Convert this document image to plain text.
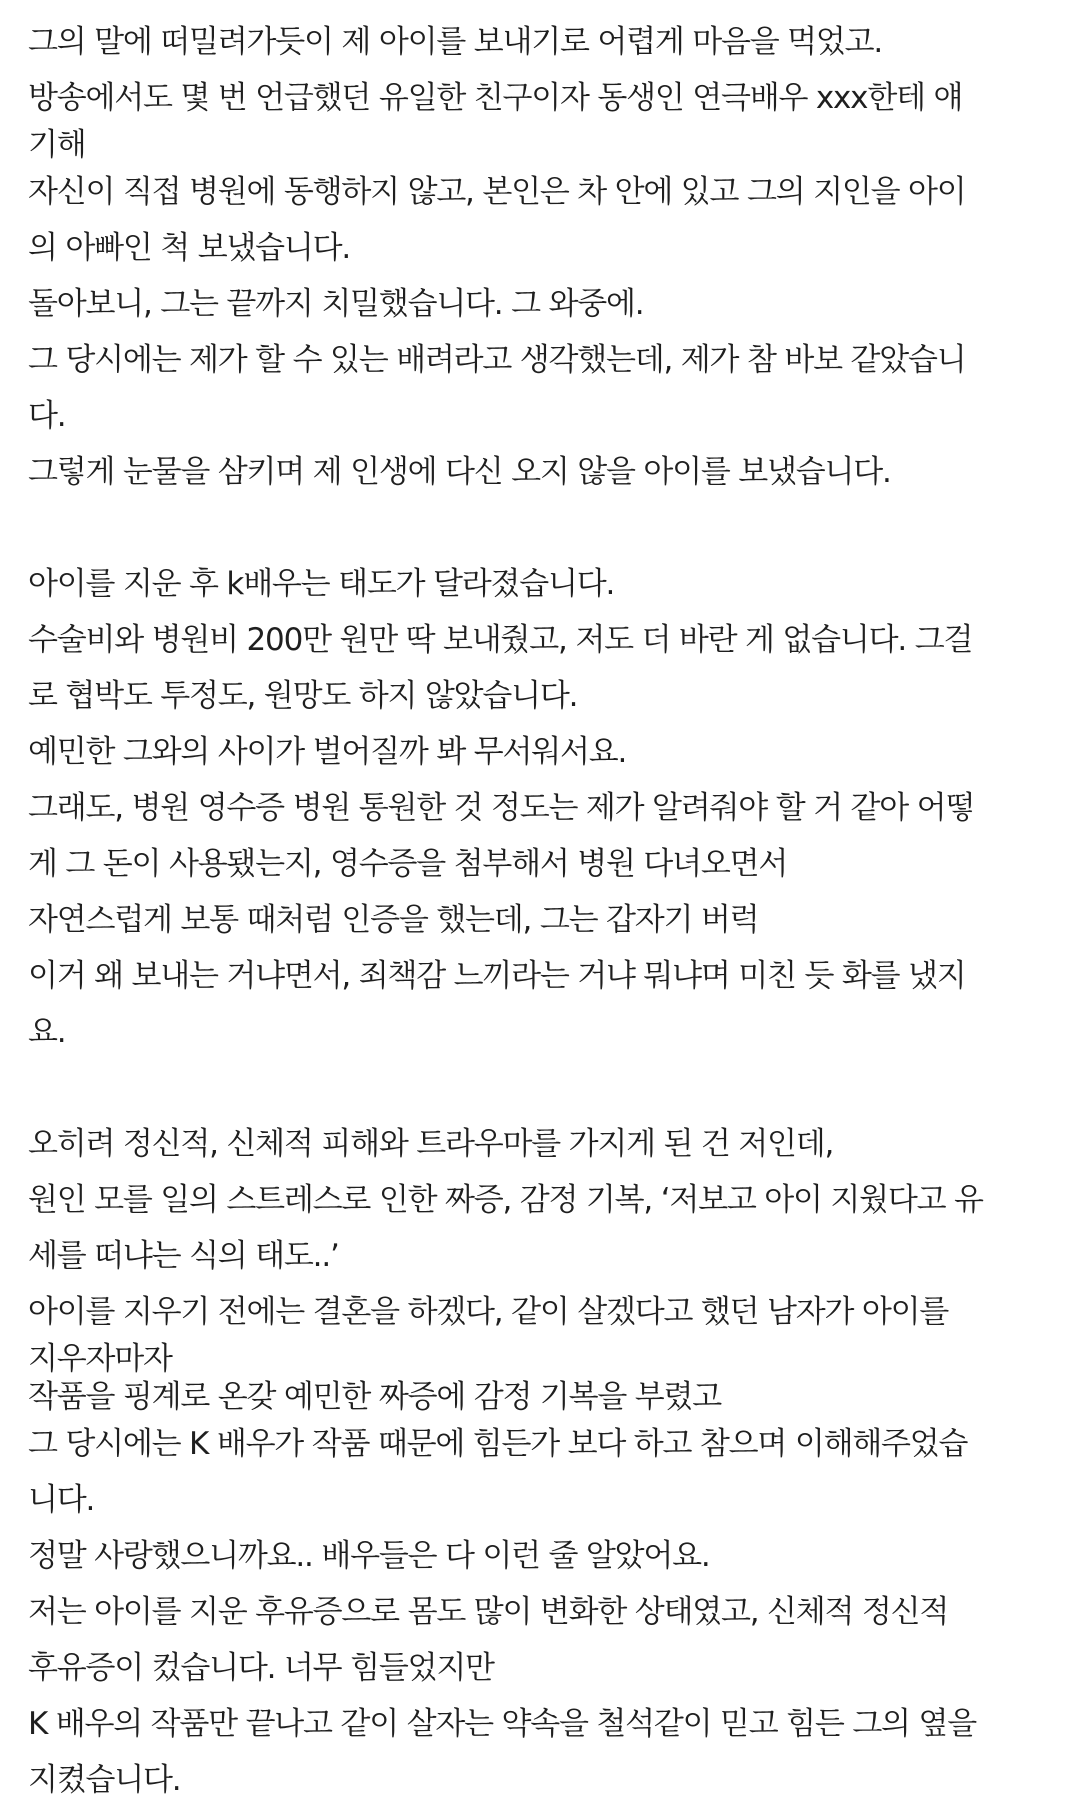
그의 말에 떠밀려가듯이 제 아이를 보내기로 어렵게 마음을 먹었고.
방송에서도 몇 번 언급했던 유일한 친구이자 동생인 연극배우 xxx한테 얘
기해
자신이 직접 병원에 동행하지 않고, 본인은 차 안에 있고 그의 지인을 아이
의 아빠인 척 보냈습니다.
돌아보니, 그는 끝까지 치밀했습니다. 그 와중에.
그 당시에는 제가 할 수 있는 배려라고 생각했는데, 제가 참 바보 같았습니
다.
그렇게 눈물을 삼키며 제 인생에 다신 오지 않을 아이를 보냈습니다.
아이를 지운 후 k배우는 태도가 달라졌습니다.
수술비와 병원비 200만 원만 딱 보내줬고, 저도 더 바란 게 없습니다. 그걸
로 협박도 투정도, 원망도 하지 않았습니다.
예민한 그와의 사이가 벌어질까 봐 무서워서요.
그래도, 병원 영수증 병원 통원한 것 정도는 제가 알려줘야 할 거 같아 어떻
게 그 돈이 사용됐는지, 영수증을 첨부해서 병원 다녀오면서
자연스럽게 보통 때처럼 인증을 했는데, 그는 갑자기 버럭
이거 왜 보내는 거냐면서, 죄책감 느끼라는 거냐 뭐냐며 미친 듯 화를 냈지
요.
오히려 정신적, 신체적 피해와 트라우마를 가지게 된 건 저인데,
원인 모를 일의 스트레스로 인한 짜증, 감정 기복, ‘저보고 아이 지웠다고 유
세를 떠냐는 식의 태도..’
아이를 지우기 전에는 결혼을 하겠다, 같이 살겠다고 했던 남자가 아이를
지우자마자
작품을 핑계로 온갖 예민한 짜증에 감정 기복을 부렸고
그 당시에는 K 배우가 작품 때문에 힘든가 보다 하고 참으며 이해해주었습
니다.
정말 사랑했으니까요.. 배우들은 다 이런 줄 알았어요.
저는 아이를 지운 후유증으로 몸도 많이 변화한 상태였고, 신체적 정신적
후유증이 컸습니다. 너무 힘들었지만
K 배우의 작품만 끝나고 같이 살자는 약속을 철석같이 믿고 힘든 그의 옆을
지켰습니다.
